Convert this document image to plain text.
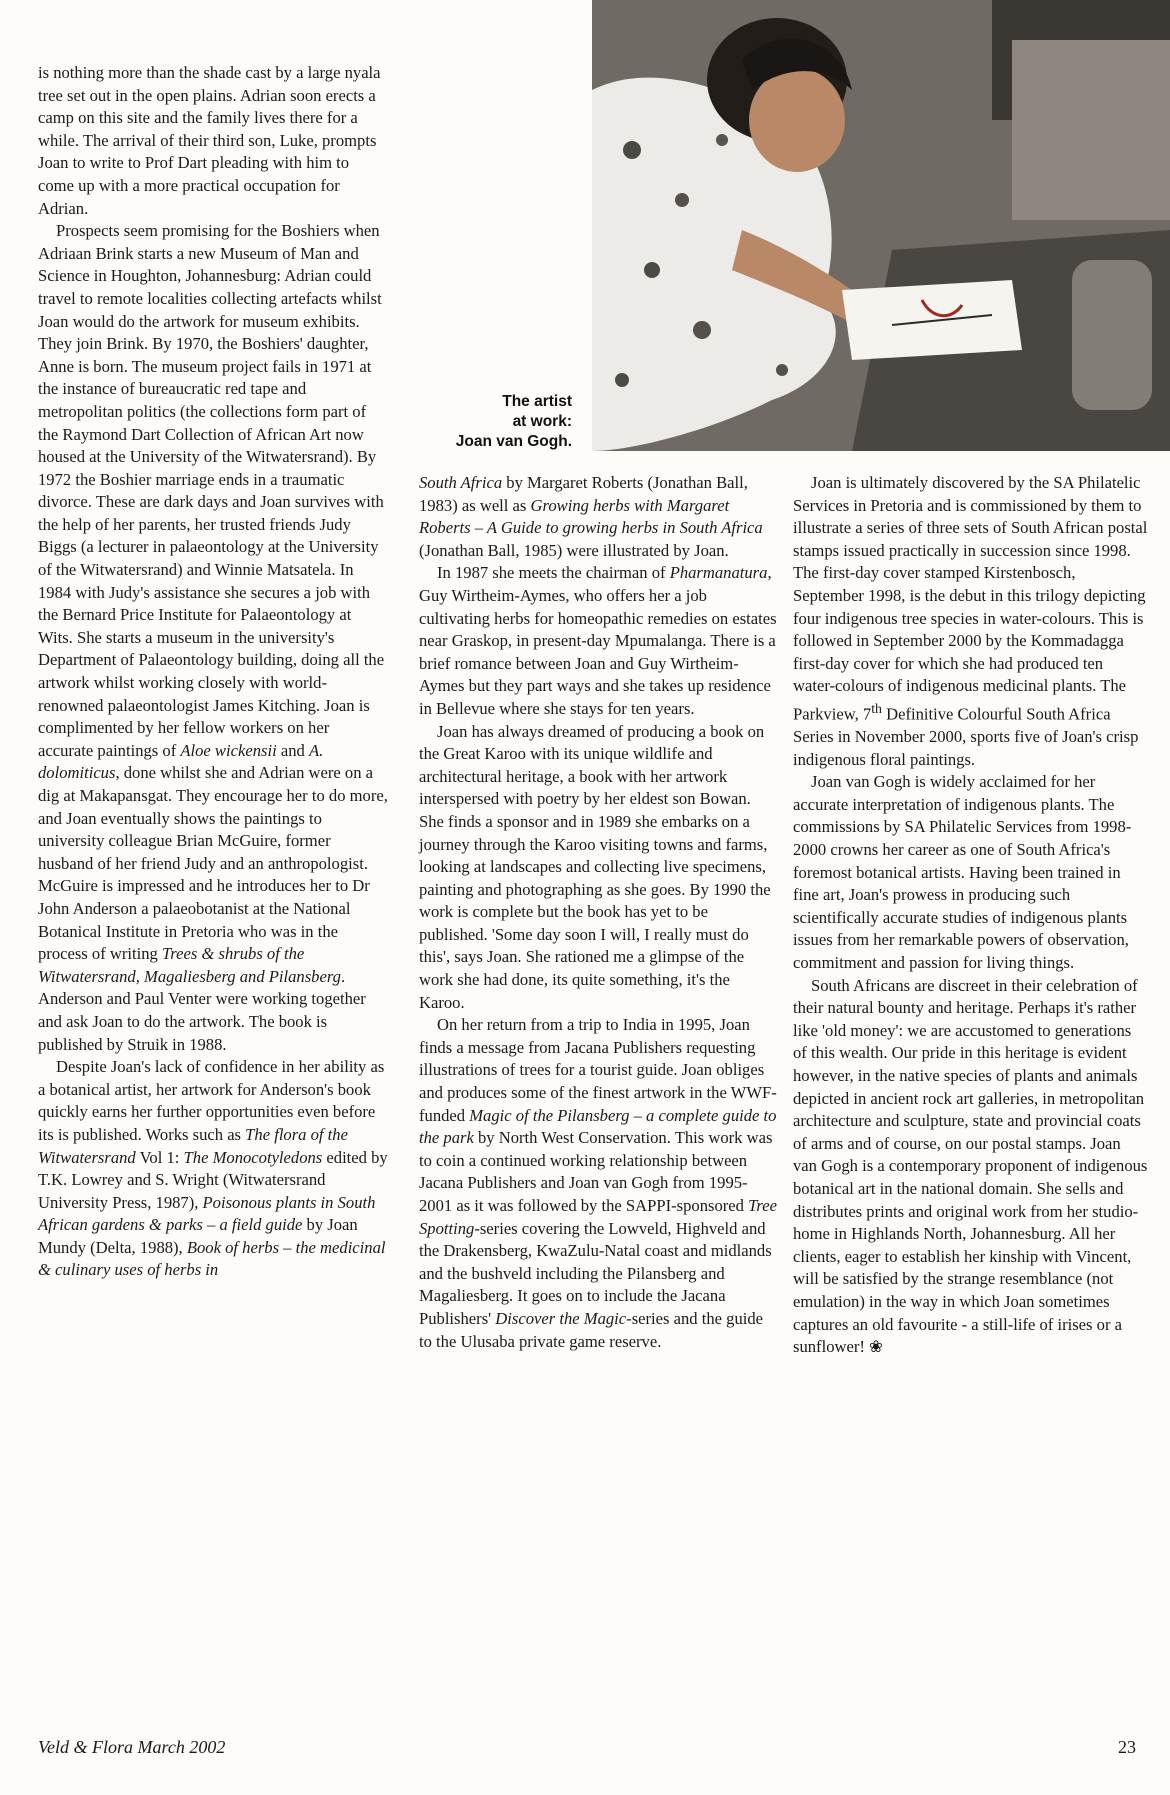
The artist
at work:
Joan van Gogh.

is nothing more than the shade cast by a large nyala tree set out in the open plains. Adrian soon erects a camp on this site and the family lives there for a while. The arrival of their third son, Luke, prompts Joan to write to Prof Dart pleading with him to come up with a more practical occupation for Adrian.

Prospects seem promising for the Boshiers when Adriaan Brink starts a new Museum of Man and Science in Houghton, Johannesburg: Adrian could travel to remote localities collecting artefacts whilst Joan would do the artwork for museum exhibits. They join Brink. By 1970, the Boshiers' daughter, Anne is born. The museum project fails in 1971 at the instance of bureaucratic red tape and metropolitan politics (the collections form part of the Raymond Dart Collection of African Art now housed at the University of the Witwatersrand). By 1972 the Boshier marriage ends in a traumatic divorce. These are dark days and Joan survives with the help of her parents, her trusted friends Judy Biggs (a lecturer in palaeontology at the University of the Witwatersrand) and Winnie Matsatela. In 1984 with Judy's assistance she secures a job with the Bernard Price Institute for Palaeontology at Wits. She starts a museum in the university's Department of Palaeontology building, doing all the artwork whilst working closely with world-renowned palaeontologist James Kitching. Joan is complimented by her fellow workers on her accurate paintings of Aloe wickensii and A. dolomiticus, done whilst she and Adrian were on a dig at Makapansgat. They encourage her to do more, and Joan eventually shows the paintings to university colleague Brian McGuire, former husband of her friend Judy and an anthropologist. McGuire is impressed and he introduces her to Dr John Anderson a palaeobotanist at the National Botanical Institute in Pretoria who was in the process of writing Trees & shrubs of the Witwatersrand, Magaliesberg and Pilansberg. Anderson and Paul Venter were working together and ask Joan to do the artwork. The book is published by Struik in 1988.

Despite Joan's lack of confidence in her ability as a botanical artist, her artwork for Anderson's book quickly earns her further opportunities even before its is published. Works such as The flora of the Witwatersrand Vol 1: The Monocotyledons edited by T.K. Lowrey and S. Wright (Witwatersrand University Press, 1987), Poisonous plants in South African gardens & parks – a field guide by Joan Mundy (Delta, 1988), Book of herbs – the medicinal & culinary uses of herbs in

South Africa by Margaret Roberts (Jonathan Ball, 1983) as well as Growing herbs with Margaret Roberts – A Guide to growing herbs in South Africa (Jonathan Ball, 1985) were illustrated by Joan.

In 1987 she meets the chairman of Pharmanatura, Guy Wirtheim-Aymes, who offers her a job cultivating herbs for homeopathic remedies on estates near Graskop, in present-day Mpumalanga. There is a brief romance between Joan and Guy Wirtheim-Aymes but they part ways and she takes up residence in Bellevue where she stays for ten years.

Joan has always dreamed of producing a book on the Great Karoo with its unique wildlife and architectural heritage, a book with her artwork interspersed with poetry by her eldest son Bowan. She finds a sponsor and in 1989 she embarks on a journey through the Karoo visiting towns and farms, looking at landscapes and collecting live specimens, painting and photographing as she goes. By 1990 the work is complete but the book has yet to be published. 'Some day soon I will, I really must do this', says Joan. She rationed me a glimpse of the work she had done, its quite something, it's the Karoo.

On her return from a trip to India in 1995, Joan finds a message from Jacana Publishers requesting illustrations of trees for a tourist guide. Joan obliges and produces some of the finest artwork in the WWF-funded Magic of the Pilansberg – a complete guide to the park by North West Conservation. This work was to coin a continued working relationship between Jacana Publishers and Joan van Gogh from 1995-2001 as it was followed by the SAPPI-sponsored Tree Spotting-series covering the Lowveld, Highveld and the Drakensberg, KwaZulu-Natal coast and midlands and the bushveld including the Pilansberg and Magaliesberg. It goes on to include the Jacana Publishers' Discover the Magic-series and the guide to the Ulusaba private game reserve.

Joan is ultimately discovered by the SA Philatelic Services in Pretoria and is commissioned by them to illustrate a series of three sets of South African postal stamps issued practically in succession since 1998. The first-day cover stamped Kirstenbosch, September 1998, is the debut in this trilogy depicting four indigenous tree species in water-colours. This is followed in September 2000 by the Kommadagga first-day cover for which she had produced ten water-colours of indigenous medicinal plants. The Parkview, 7th Definitive Colourful South Africa Series in November 2000, sports five of Joan's crisp indigenous floral paintings.

Joan van Gogh is widely acclaimed for her accurate interpretation of indigenous plants. The commissions by SA Philatelic Services from 1998-2000 crowns her career as one of South Africa's foremost botanical artists. Having been trained in fine art, Joan's prowess in producing such scientifically accurate studies of indigenous plants issues from her remarkable powers of observation, commitment and passion for living things.

South Africans are discreet in their celebration of their natural bounty and heritage. Perhaps it's rather like 'old money': we are accustomed to generations of this wealth. Our pride in this heritage is evident however, in the native species of plants and animals depicted in ancient rock art galleries, in metropolitan architecture and sculpture, state and provincial coats of arms and of course, on our postal stamps. Joan van Gogh is a contemporary proponent of indigenous botanical art in the national domain. She sells and distributes prints and original work from her studio-home in Highlands North, Johannesburg. All her clients, eager to establish her kinship with Vincent, will be satisfied by the strange resemblance (not emulation) in the way in which Joan sometimes captures an old favourite - a still-life of irises or a sunflower! ❀

Veld & Flora March 2002	23
